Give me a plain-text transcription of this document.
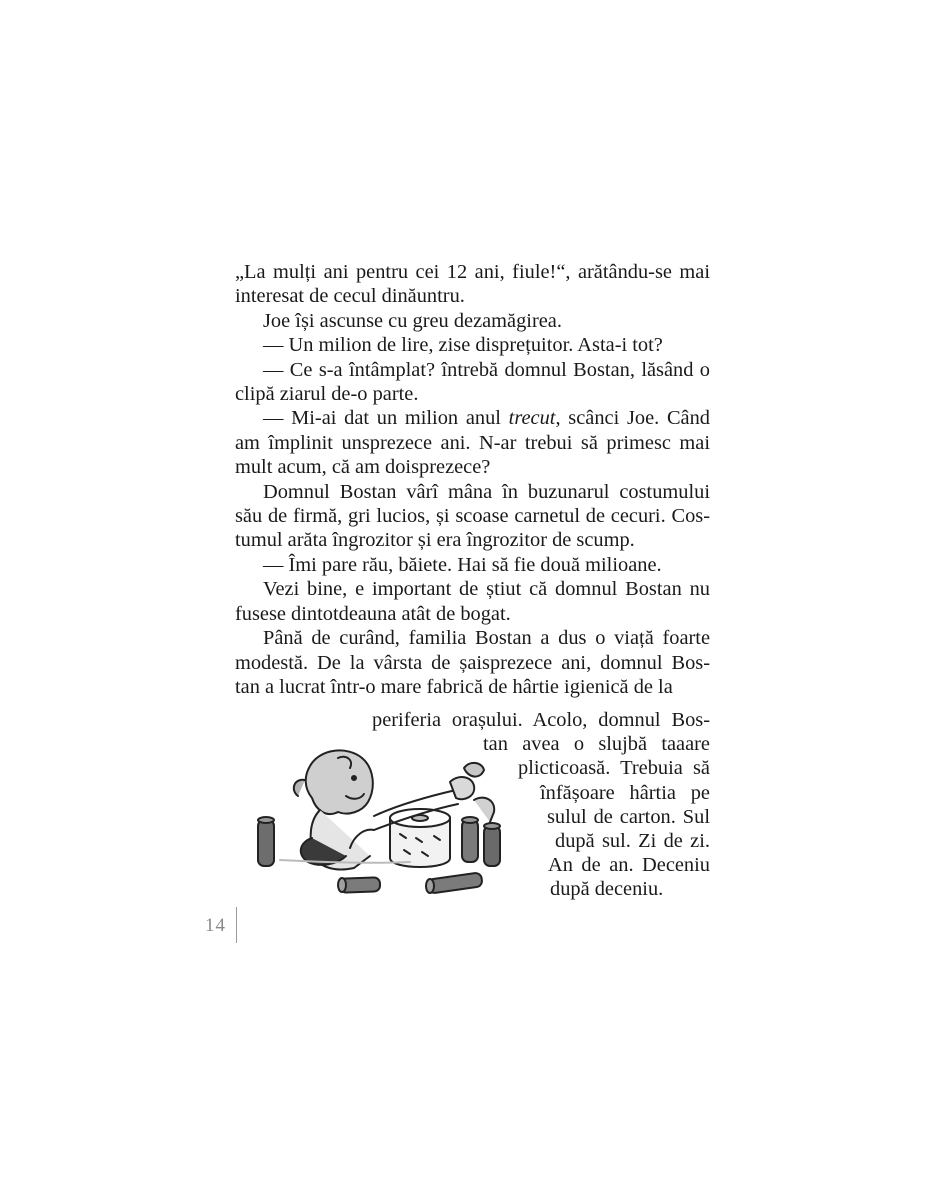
„La mulți ani pentru cei 12 ani, fiule!“, arătându-se mai
interesat de cecul dinăuntru.
Joe își ascunse cu greu dezamăgirea.
— Un milion de lire, zise disprețuitor. Asta-i tot?
— Ce s-a întâmplat? întrebă domnul Bostan, lăsând o
clipă ziarul de-o parte.
— Mi-ai dat un milion anul trecut, scânci Joe. Când
am împlinit unsprezece ani. N-ar trebui să primesc mai
mult acum, că am doisprezece?
Domnul Bostan vârî mâna în buzunarul costumului
său de firmă, gri lucios, și scoase carnetul de cecuri. Cos-
tumul arăta îngrozitor și era îngrozitor de scump.
— Îmi pare rău, băiete. Hai să fie două milioane.
Vezi bine, e important de știut că domnul Bostan nu
fusese dintotdeauna atât de bogat.
Până de curând, familia Bostan a dus o viață foarte
modestă. De la vârsta de șaisprezece ani, domnul Bos-
tan a lucrat într-o mare fabrică de hârtie igienică de la
periferia orașului. Acolo, domnul Bos-
tan avea o slujbă taaare
plicticoasă. Trebuia să
înfășoare hârtia pe
sulul de carton. Sul
după sul. Zi de zi.
An de an. Deceniu
după deceniu.
14
